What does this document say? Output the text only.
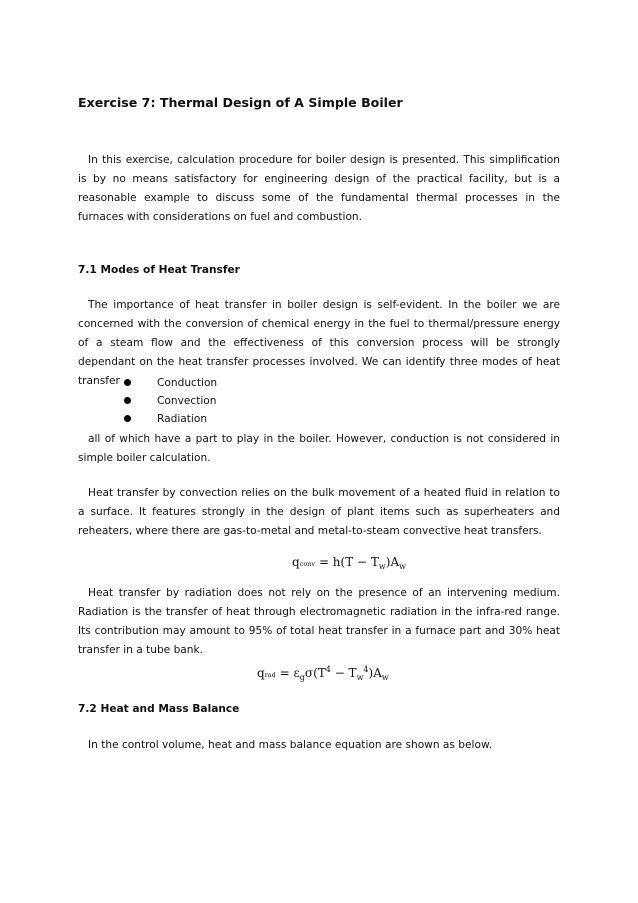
Exercise 7: Thermal Design of A Simple Boiler

In this exercise, calculation procedure for boiler design is presented. This simplification is by no means satisfactory for engineering design of the practical facility, but is a reasonable example to discuss some of the fundamental thermal processes in the furnaces with considerations on fuel and combustion.

7.1 Modes of Heat Transfer

The importance of heat transfer in boiler design is self-evident. In the boiler we are concerned with the conversion of chemical energy in the fuel to thermal/pressure energy of a steam flow and the effectiveness of this conversion process will be strongly dependant on the heat transfer processes involved. We can identify three modes of heat transfer	Conduction
Convection
Radiation

all of which have a part to play in the boiler. However, conduction is not considered in simple boiler calculation.

Heat transfer by convection relies on the bulk movement of a heated fluid in relation to a surface. It features strongly in the design of plant items such as superheaters and reheaters, where there are gas-to-metal and metal-to-steam convective heat transfers.

qconv = $h(T - T_w)A_w$

Heat transfer by radiation does not rely on the presence of an intervening medium. Radiation is the transfer of heat through electromagnetic radiation in the infra-red range. Its contribution may amount to 95% of total heat transfer in a furnace part and 30% heat transfer in a tube bank.

qrad = $\varepsilon_g\sigma(T^4 - T_w^4)A_w$
7.2 Heat and Mass Balance

In the control volume, heat and mass balance equation are shown as below.
